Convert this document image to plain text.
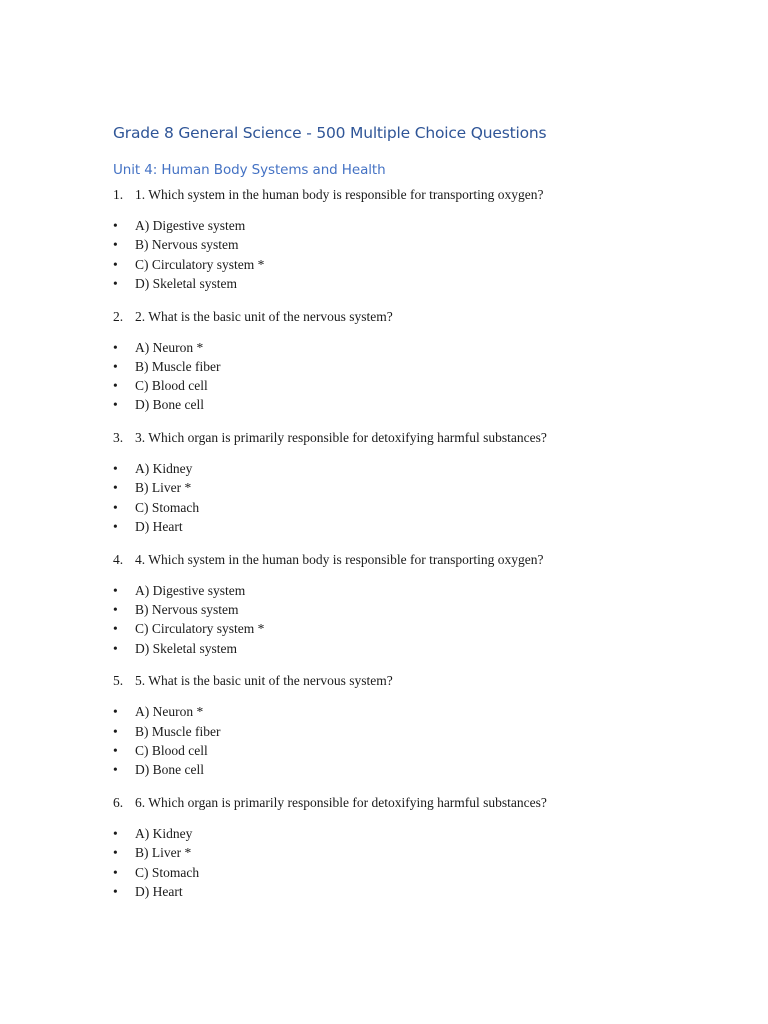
Grade 8 General Science - 500 Multiple Choice Questions
Unit 4: Human Body Systems and Health
1. 1. Which system in the human body is responsible for transporting oxygen?
• A) Digestive system
• B) Nervous system
• C) Circulatory system *
• D) Skeletal system
2. 2. What is the basic unit of the nervous system?
• A) Neuron *
• B) Muscle fiber
• C) Blood cell
• D) Bone cell
3. 3. Which organ is primarily responsible for detoxifying harmful substances?
• A) Kidney
• B) Liver *
• C) Stomach
• D) Heart
4. 4. Which system in the human body is responsible for transporting oxygen?
• A) Digestive system
• B) Nervous system
• C) Circulatory system *
• D) Skeletal system
5. 5. What is the basic unit of the nervous system?
• A) Neuron *
• B) Muscle fiber
• C) Blood cell
• D) Bone cell
6. 6. Which organ is primarily responsible for detoxifying harmful substances?
• A) Kidney
• B) Liver *
• C) Stomach
• D) Heart
